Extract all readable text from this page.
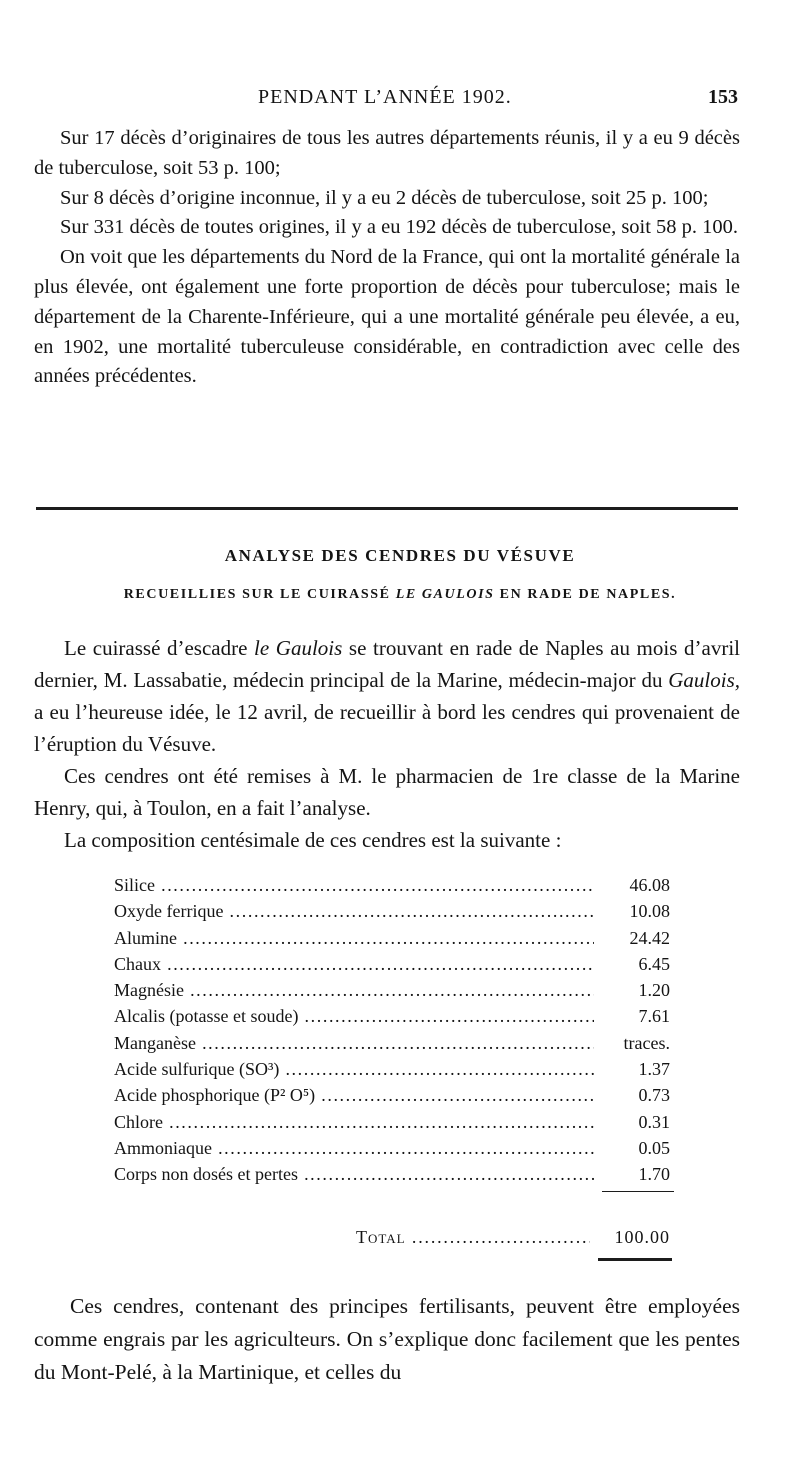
PENDANT L’ANNÉE 1902.	153

Sur 17 décès d’originaires de tous les autres départements réunis, il y a eu 9 décès de tuberculose, soit 53 p. 100;

Sur 8 décès d’origine inconnue, il y a eu 2 décès de tuberculose, soit 25 p. 100;

Sur 331 décès de toutes origines, il y a eu 192 décès de tuberculose, soit 58 p. 100.

On voit que les départements du Nord de la France, qui ont la mortalité générale la plus élevée, ont également une forte proportion de décès pour tuberculose; mais le département de la Charente-Inférieure, qui a une mortalité générale peu élevée, a eu, en 1902, une mortalité tuberculeuse considérable, en contradiction avec celle des années précédentes.

ANALYSE DES CENDRES DU VÉSUVE
RECUEILLIES SUR LE CUIRASSÉ LE GAULOIS EN RADE DE NAPLES.

Le cuirassé d’escadre le Gaulois se trouvant en rade de Naples au mois d’avril dernier, M. Lassabatie, médecin principal de la Marine, médecin-major du Gaulois, a eu l’heureuse idée, le 12 avril, de recueillir à bord les cendres qui provenaient de l’éruption du Vésuve.

Ces cendres ont été remises à M. le pharmacien de 1re classe de la Marine Henry, qui, à Toulon, en a fait l’analyse.

La composition centésimale de ces cendres est la suivante :

Silice .....	46.08
Oxyde ferrique .....	10.08
Alumine .....	24.42
Chaux .....	6.45
Magnésie .....	1.20
Alcalis (potasse et soude) .....	7.61
Manganèse .....	traces.
Acide sulfurique (SO³) .....	1.37
Acide phosphorique (P² O⁵) .....	0.73
Chlore .....	0.31
Ammoniaque .....	0.05
Corps non dosés et pertes .....	1.70
Total .....	100.00

Ces cendres, contenant des principes fertilisants, peuvent être employées comme engrais par les agriculteurs. On s’explique donc facilement que les pentes du Mont-Pelé, à la Martinique, et celles du
